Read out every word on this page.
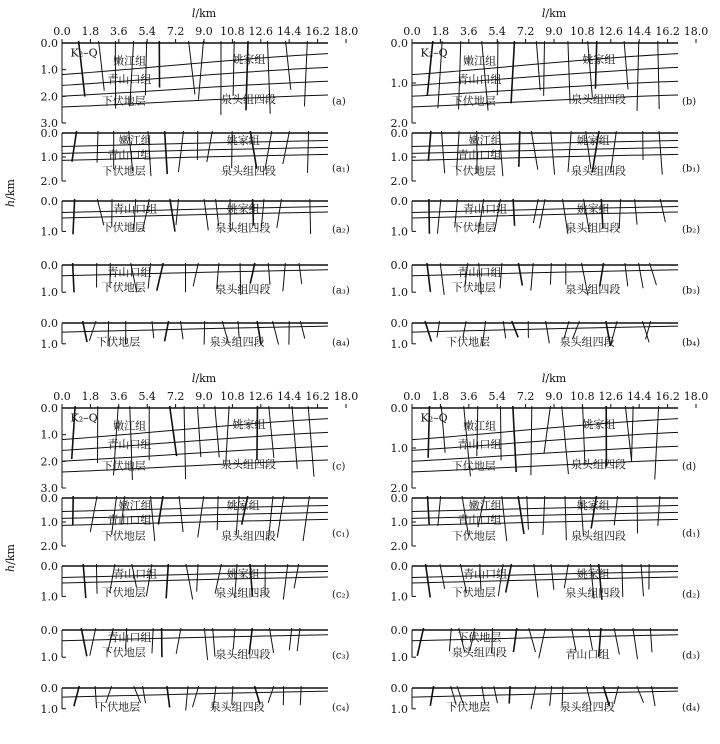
0.0 1.8 3.6 5.4 7.2 9.0 10.8 12.6 14.4 16.2 18.0
l/km
0.0 1.8 3.6 5.4 7.2 9.0 10.8 12.6 14.4 16.2 18.0
l/km
0.0 1.8 3.6 5.4 7.2 9.0 10.8 12.6 14.4 16.2 18.0
l/km
0.0 1.8 3.6 5.4 7.2 9.0 10.8 12.6 14.4 16.2 18.0
l/km
h/km
h/km
0.0
1.0
2.0
3.0
K₂–Q
嫩江组	姚家组
青山口组
下伏地层	泉头组四段	(a)
0.0
1.0
2.0
嫩江组	姚家组
青山口组
下伏地层	泉头组四段	(a₁)
0.0
1.0
青山口组	姚家组
下伏地层	泉头组四段	(a₂)
0.0
1.0
青山口组
下伏地层	泉头组四段	(a₃)
0.0
1.0	下伏地层	泉头组四段	(a₄)
0.0
1.0
2.0
K₂–Q
嫩江组	姚家组
青山口组
下伏地层	泉头组四段	(b)
0.0
1.0
2.0
嫩江组	姚家组
青山口组
下伏地层	泉头组四段	(b₁)
0.0
1.0
青山口组	姚家组
下伏地层	泉头组四段	(b₂)
0.0
1.0
青山口组
下伏地层	泉头组四段	(b₃)
0.0
1.0	下伏地层	泉头组四段	(b₄)
0.0
1.0
2.0
3.0
K₂–Q
嫩江组	姚家组
青山口组
下伏地层	泉头组四段	(c)
0.0
1.0
2.0
嫩江组	姚家组
青山口组
下伏地层	泉头组四段	(c₁)
0.0
1.0
青山口组	姚家组
下伏地层	泉头组四段	(c₂)
0.0
1.0
青山口组
下伏地层	泉头组四段	(c₃)
0.0
1.0	下伏地层	泉头组四段	(c₄)
0.0
1.0
2.0
K₂–Q
嫩江组	姚家组
青山口组
下伏地层	泉头组四段	(d)
0.0
1.0
2.0
嫩江组	姚家组
青山口组
下伏地层	泉头组四段	(d₁)
0.0
1.0
青山口组	姚家组
下伏地层	泉头组四段	(d₂)
0.0
1.0
下伏地层
泉头组四段	青山口组	(d₃)
0.0
1.0	下伏地层	泉头组四段	(d₄)
